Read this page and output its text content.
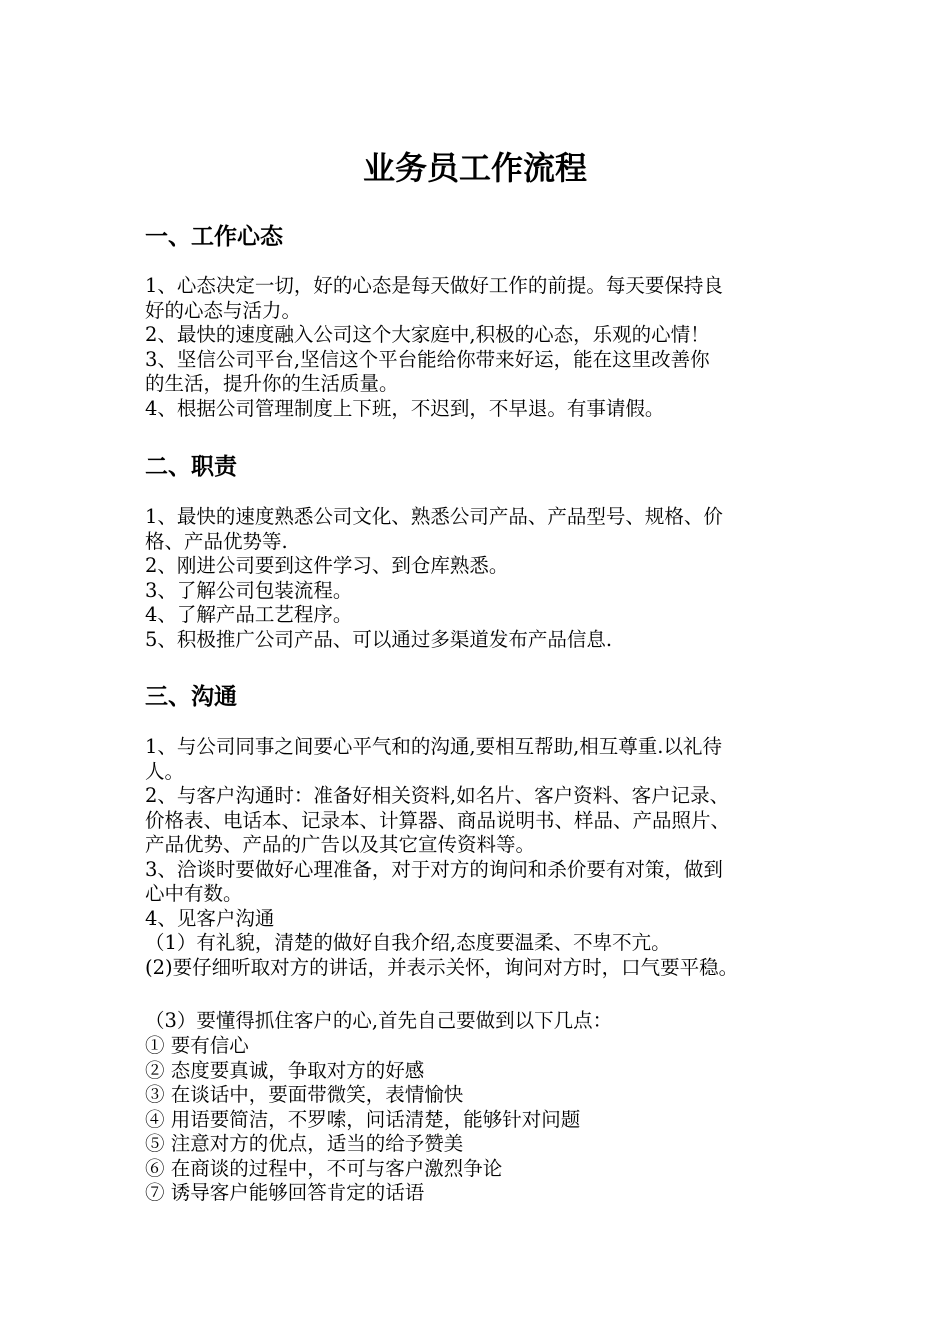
业务员工作流程
一、工作心态
1、心态决定一切，好的心态是每天做好工作的前提。每天要保持良
好的心态与活力。
2、最快的速度融入公司这个大家庭中,积极的心态，乐观的心情！
3、坚信公司平台,坚信这个平台能给你带来好运，能在这里改善你
的生活，提升你的生活质量。
4、根据公司管理制度上下班，不迟到，不早退。有事请假。
二、职责
1、最快的速度熟悉公司文化、熟悉公司产品、产品型号、规格、价
格、产品优势等.
2、刚进公司要到这件学习、到仓库熟悉。
3、了解公司包装流程。
4、了解产品工艺程序。
5、积极推广公司产品、可以通过多渠道发布产品信息.
三、沟通
1、与公司同事之间要心平气和的沟通,要相互帮助,相互尊重.以礼待
人。
2、与客户沟通时：准备好相关资料,如名片、客户资料、客户记录、
价格表、电话本、记录本、计算器、商品说明书、样品、产品照片、
产品优势、产品的广告以及其它宣传资料等。
3、洽谈时要做好心理准备，对于对方的询问和杀价要有对策，做到
心中有数。
4、见客户沟通
（1）有礼貌，清楚的做好自我介绍,态度要温柔、不卑不亢。
(2)要仔细听取对方的讲话，并表示关怀，询问对方时，口气要平稳。
（3）要懂得抓住客户的心,首先自己要做到以下几点：
① 要有信心
② 态度要真诚，争取对方的好感
③ 在谈话中，要面带微笑，表情愉快
④ 用语要简洁，不罗嗦，问话清楚，能够针对问题
⑤ 注意对方的优点，适当的给予赞美
⑥ 在商谈的过程中，不可与客户激烈争论
⑦ 诱导客户能够回答肯定的话语
